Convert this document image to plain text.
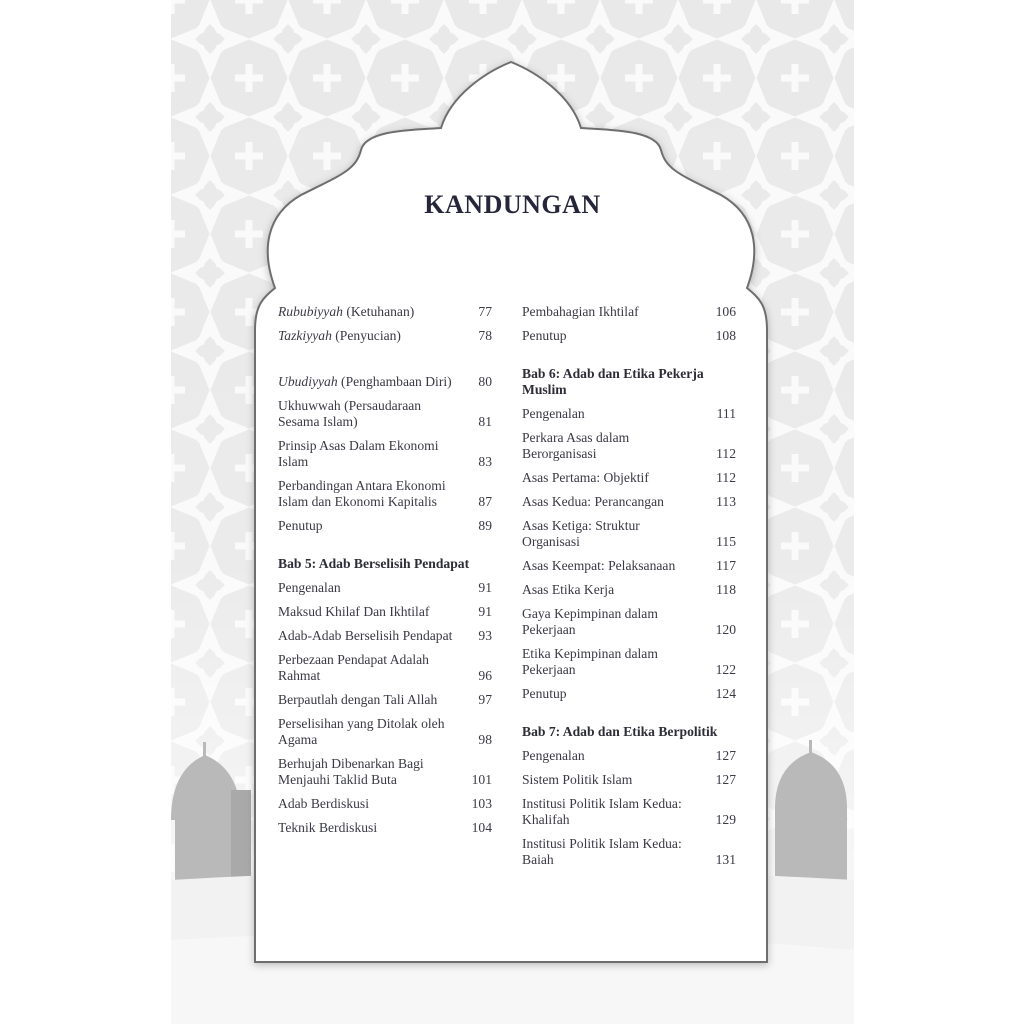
KANDUNGAN
Rububiyyah (Ketuhanan)	77
Tazkiyyah (Penyucian)	78
Ubudiyyah (Penghambaan Diri)	80
Ukhuwwah (Persaudaraan Sesama Islam)	81
Prinsip Asas Dalam Ekonomi Islam	83
Perbandingan Antara Ekonomi Islam dan Ekonomi Kapitalis	87
Penutup	89
Bab 5: Adab Berselisih Pendapat
Pengenalan	91
Maksud Khilaf Dan Ikhtilaf	91
Adab-Adab Berselisih Pendapat	93
Perbezaan Pendapat Adalah Rahmat	96
Berpautlah dengan Tali Allah	97
Perselisihan yang Ditolak oleh Agama	98
Berhujah Dibenarkan Bagi Menjauhi Taklid Buta	101
Adab Berdiskusi	103
Teknik Berdiskusi	104
Pembahagian Ikhtilaf	106
Penutup	108
Bab 6: Adab dan Etika Pekerja Muslim
Pengenalan	111
Perkara Asas dalam Berorganisasi	112
Asas Pertama: Objektif	112
Asas Kedua: Perancangan	113
Asas Ketiga: Struktur Organisasi	115
Asas Keempat: Pelaksanaan	117
Asas Etika Kerja	118
Gaya Kepimpinan dalam Pekerjaan	120
Etika Kepimpinan dalam Pekerjaan	122
Penutup	124
Bab 7: Adab dan Etika Berpolitik
Pengenalan	127
Sistem Politik Islam	127
Institusi Politik Islam Kedua: Khalifah	129
Institusi Politik Islam Kedua: Baiah	131
